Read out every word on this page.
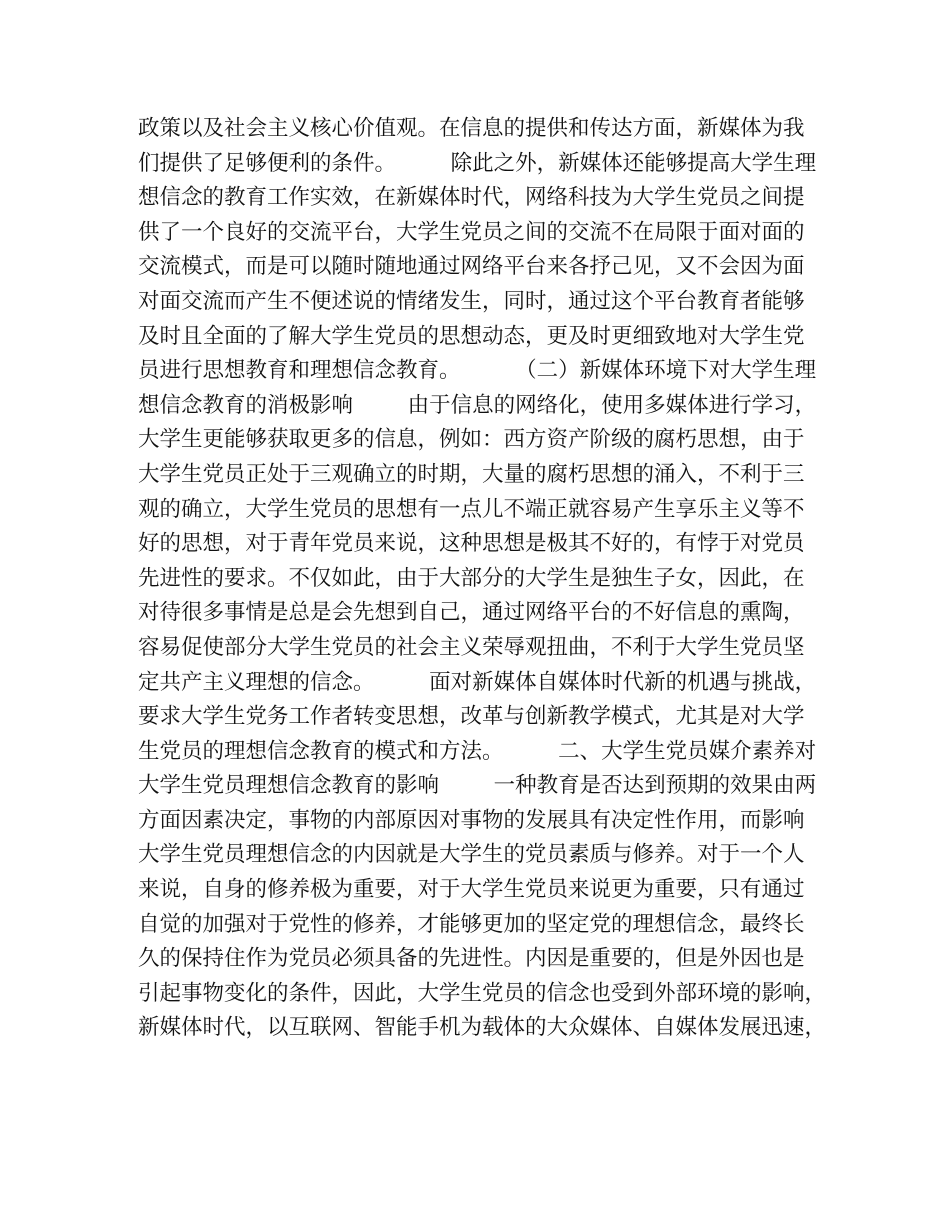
政策以及社会主义核心价值观。在信息的提供和传达方面，新媒体为我
们提供了足够便利的条件。        除此之外，新媒体还能够提高大学生理
想信念的教育工作实效，在新媒体时代，网络科技为大学生党员之间提
供了一个良好的交流平台，大学生党员之间的交流不在局限于面对面的
交流模式，而是可以随时随地通过网络平台来各抒己见，又不会因为面
对面交流而产生不便述说的情绪发生，同时，通过这个平台教育者能够
及时且全面的了解大学生党员的思想动态，更及时更细致地对大学生党
员进行思想教育和理想信念教育。        （二）新媒体环境下对大学生理
想信念教育的消极影响        由于信息的网络化，使用多媒体进行学习，
大学生更能够获取更多的信息，例如：西方资产阶级的腐朽思想，由于
大学生党员正处于三观确立的时期，大量的腐朽思想的涌入，不利于三
观的确立，大学生党员的思想有一点儿不端正就容易产生享乐主义等不
好的思想，对于青年党员来说，这种思想是极其不好的，有悖于对党员
先进性的要求。不仅如此，由于大部分的大学生是独生子女，因此，在
对待很多事情是总是会先想到自己，通过网络平台的不好信息的熏陶，
容易促使部分大学生党员的社会主义荣辱观扭曲，不利于大学生党员坚
定共产主义理想的信念。        面对新媒体自媒体时代新的机遇与挑战，
要求大学生党务工作者转变思想，改革与创新教学模式，尤其是对大学
生党员的理想信念教育的模式和方法。        二、大学生党员媒介素养对
大学生党员理想信念教育的影响        一种教育是否达到预期的效果由两
方面因素决定，事物的内部原因对事物的发展具有决定性作用，而影响
大学生党员理想信念的内因就是大学生的党员素质与修养。对于一个人
来说，自身的修养极为重要，对于大学生党员来说更为重要，只有通过
自觉的加强对于党性的修养，才能够更加的坚定党的理想信念，最终长
久的保持住作为党员必须具备的先进性。内因是重要的，但是外因也是
引起事物变化的条件，因此，大学生党员的信念也受到外部环境的影响，
新媒体时代，以互联网、智能手机为载体的大众媒体、自媒体发展迅速，
